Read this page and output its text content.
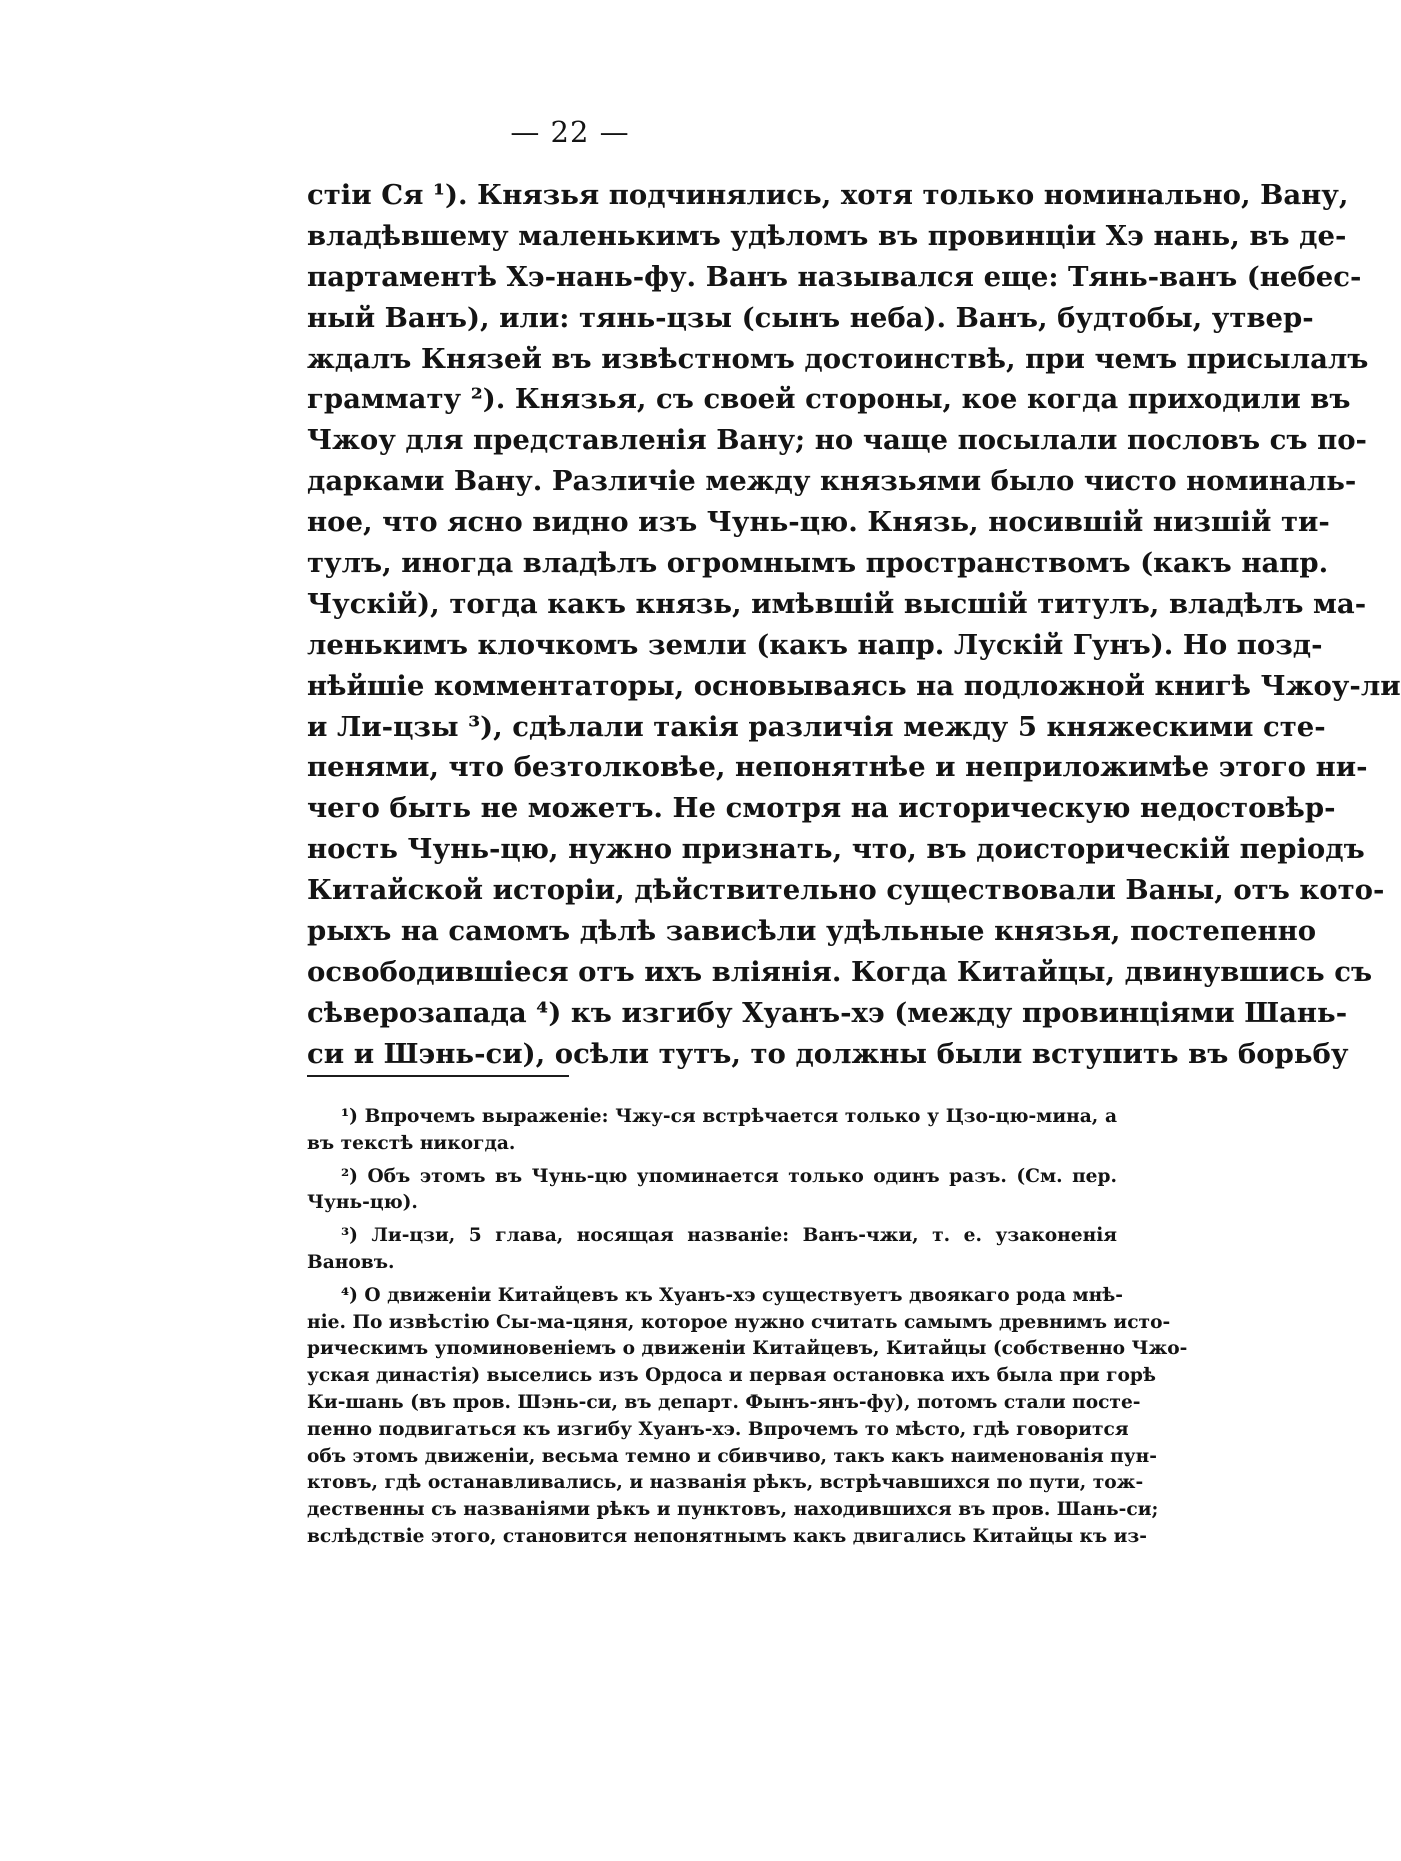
— 22 —
стіи Ся ¹). Князья подчинялись, хотя только номинально, Вану,
владѣвшему маленькимъ удѣломъ въ провинціи Хэ нань, въ де-
партаментѣ Хэ-нань-фу. Ванъ назывался еще: Тянь-ванъ (небес-
ный Ванъ), или: тянь-цзы (сынъ неба). Ванъ, будтобы, утвер-
ждалъ Князей въ извѣстномъ достоинствѣ, при чемъ присылалъ
граммату ²). Князья, съ своей стороны, кое когда приходили въ
Чжоу для представленія Вану; но чаще посылали пословъ съ по-
дарками Вану. Различіе между князьями было чисто номиналь-
ное, что ясно видно изъ Чунь-цю. Князь, носившій низшій ти-
тулъ, иногда владѣлъ огромнымъ пространствомъ (какъ напр.
Чускій), тогда какъ князь, имѣвшій высшій титулъ, владѣлъ ма-
ленькимъ клочкомъ земли (какъ напр. Лускій Гунъ). Но позд-
нѣйшіе комментаторы, основываясь на подложной книгѣ Чжоу-ли
и Ли-цзы ³), сдѣлали такія различія между 5 княжескими сте-
пенями, что безтолковѣе, непонятнѣе и неприложимѣе этого ни-
чего быть не можетъ. Не смотря на историческую недостовѣр-
ность Чунь-цю, нужно признать, что, въ доисторическій періодъ
Китайской исторіи, дѣйствительно существовали Ваны, отъ кото-
рыхъ на самомъ дѣлѣ зависѣли удѣльные князья, постепенно
освободившіеся отъ ихъ вліянія. Когда Китайцы, двинувшись съ
сѣверозапада ⁴) къ изгибу Хуанъ-хэ (между провинціями Шань-
си и Шэнь-си), осѣли тутъ, то должны были вступить въ борьбу
¹) Впрочемъ выраженіе: Чжу-ся встрѣчается только у Цзо-цю-мина, а
въ текстѣ никогда.
²) Объ этомъ въ Чунь-цю упоминается только одинъ разъ. (См. пер.
Чунь-цю).
³) Ли-цзи, 5 глава, носящая названіе: Ванъ-чжи, т. е. узаконенія
Вановъ.
⁴) О движеніи Китайцевъ къ Хуанъ-хэ существуетъ двоякаго рода мнѣ-
ніе. По извѣстію Сы-ма-цяня, которое нужно считать самымъ древнимъ исто-
рическимъ упоминовеніемъ о движеніи Китайцевъ, Китайцы (собственно Чжо-
уская династія) выселись изъ Ордоса и первая остановка ихъ была при горѣ
Ки-шань (въ пров. Шэнь-си, въ департ. Фынъ-янъ-фу), потомъ стали посте-
пенно подвигаться къ изгибу Хуанъ-хэ. Впрочемъ то мѣсто, гдѣ говорится
объ этомъ движеніи, весьма темно и сбивчиво, такъ какъ наименованія пун-
ктовъ, гдѣ останавливались, и названія рѣкъ, встрѣчавшихся по пути, тож-
дественны съ названіями рѣкъ и пунктовъ, находившихся въ пров. Шань-си;
вслѣдствіе этого, становится непонятнымъ какъ двигались Китайцы къ из-
